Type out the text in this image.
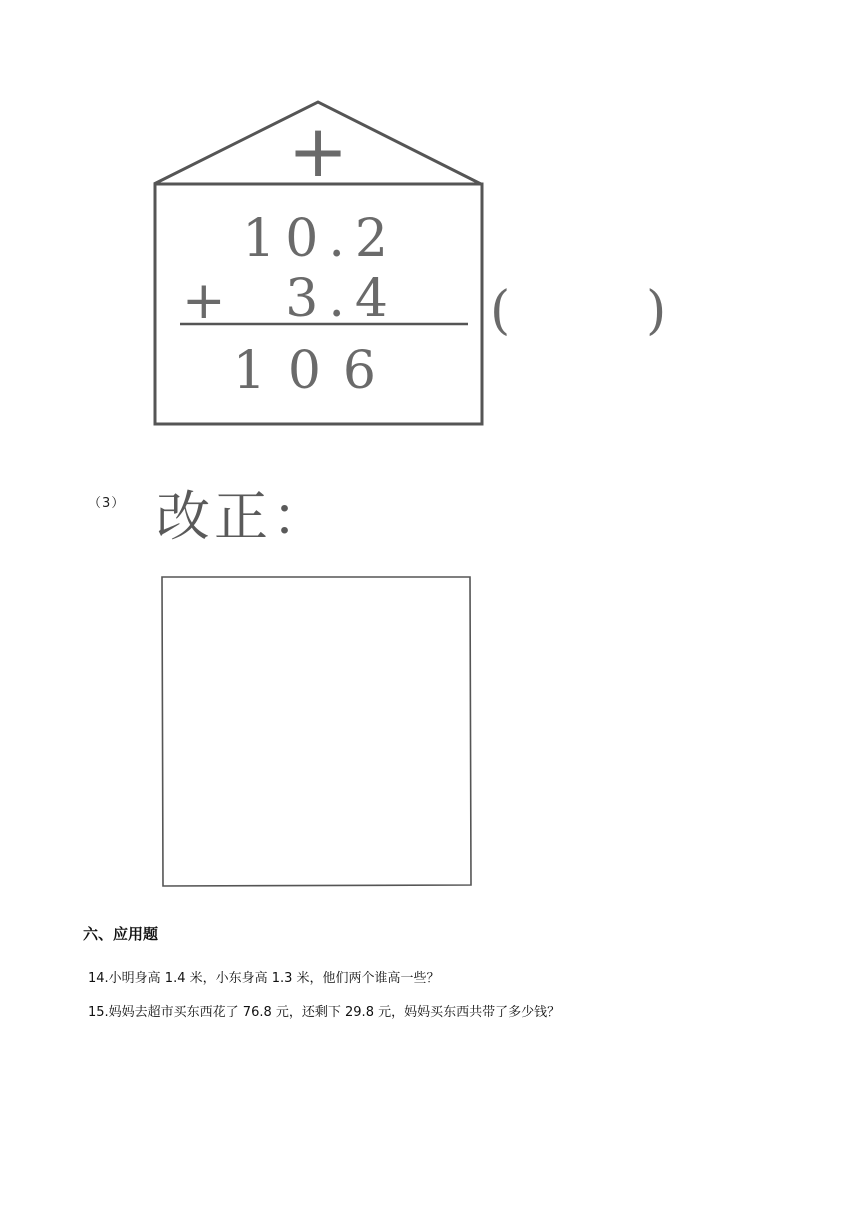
+
10.2
+ 3.4
106
(	)
（3） 改正：
六、应用题
14.小明身高 1.4 米，小东身高 1.3 米，他们两个谁高一些？
15.妈妈去超市买东西花了 76.8 元，还剩下 29.8 元，妈妈买东西共带了多少钱？
